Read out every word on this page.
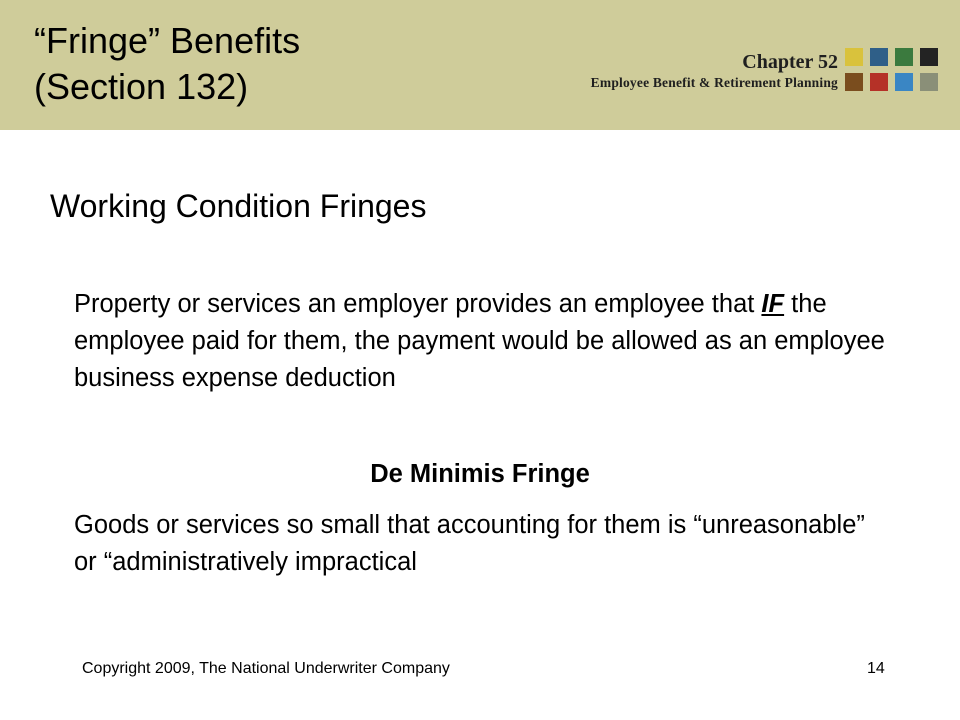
“Fringe” Benefits
(Section 132)
Chapter 52
Employee Benefit & Retirement Planning
Working Condition Fringes
Property or services an employer provides an employee that IF the employee paid for them, the payment would be allowed as an employee business expense deduction
De Minimis Fringe
Goods or services so small that accounting for them is “unreasonable” or “administratively impractical
Copyright 2009, The National Underwriter Company	14
